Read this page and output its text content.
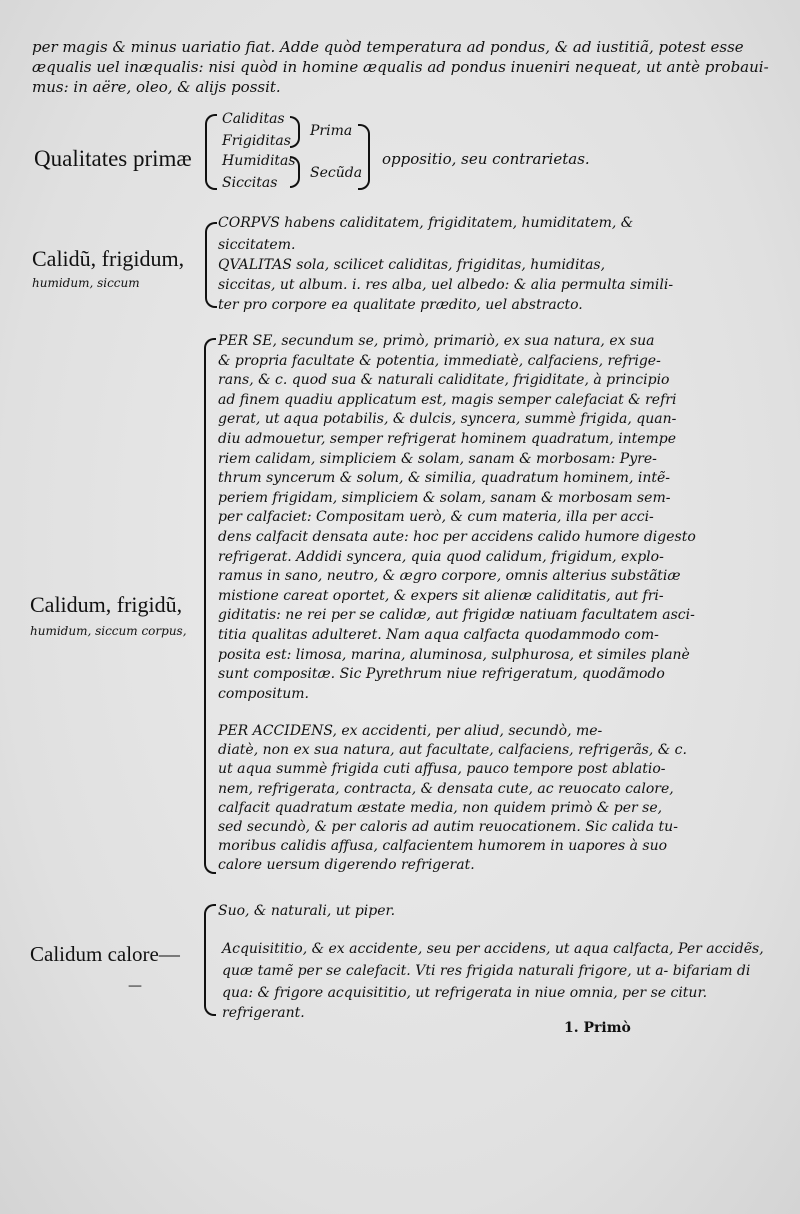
per magis & minus uariatio fiat. Adde quòd temperatura ad pondus, & ad iustitiã, potest esse
æqualis uel inæqualis: nisi quòd in homine æqualis ad pondus inueniri nequeat, ut antè probaui-
mus: in aëre, oleo, & alijs possit.
Qualitates primæ
Caliditas
Frigiditas
Humiditas
Siccitas
Prima
Secũda
oppositio, seu contrarietas.
Calidũ, frigidum,
humidum, siccum
CORPVS habens caliditatem, frigiditatem, humiditatem, &
siccitatem.
QVALITAS sola, scilicet caliditas, frigiditas, humiditas,
siccitas, ut album. i. res alba, uel albedo: & alia permulta simili-
ter pro corpore ea qualitate prædito, uel abstracto.
Calidum, frigidũ,
humidum, siccum corpus,
PER SE, secundum se, primò, primariò, ex sua natura, ex sua
& propria facultate & potentia, immediatè, calfaciens, refrige-
rans, & c. quod sua & naturali caliditate, frigiditate, à principio
ad finem quadiu applicatum est, magis semper calefaciat & refri
gerat, ut aqua potabilis, & dulcis, syncera, summè frigida, quan-
diu admouetur, semper refrigerat hominem quadratum, intempe
riem calidam, simpliciem & solam, sanam & morbosam: Pyre-
thrum syncerum & solum, & similia, quadratum hominem, intẽ-
periem frigidam, simpliciem & solam, sanam & morbosam sem-
per calfaciet: Compositam uerò, & cum materia, illa per acci-
dens calfacit densata aute: hoc per accidens calido humore digesto
refrigerat. Addidi syncera, quia quod calidum, frigidum, explo-
ramus in sano, neutro, & ægro corpore, omnis alterius substãtiæ
mistione careat oportet, & expers sit alienæ caliditatis, aut fri-
giditatis: ne rei per se calidæ, aut frigidæ natiuam facultatem asci-
titia qualitas adulteret. Nam aqua calfacta quodammodo com-
posita est: limosa, marina, aluminosa, sulphurosa, et similes planè
sunt compositæ. Sic Pyrethrum niue refrigeratum, quodãmodo
compositum.
PER ACCIDENS, ex accidenti, per aliud, secundò, me-
diatè, non ex sua natura, aut facultate, calfaciens, refrigerãs, & c.
ut aqua summè frigida cuti affusa, pauco tempore post ablatio-
nem, refrigerata, contracta, & densata cute, ac reuocato calore,
calfacit quadratum æstate media, non quidem primò & per se,
sed secundò, & per caloris ad autim reuocationem. Sic calida tu-
moribus calidis affusa, calfacientem humorem in uapores à suo
calore uersum digerendo refrigerat.
Calidum calore—
—
Suo, & naturali, ut piper.
Acquisititio, & ex accidente, seu per accidens, ut aqua calfacta, Per accidẽs,
quæ tamẽ per se calefacit. Vti res frigida naturali frigore, ut a- bifariam di
qua: & frigore acquisititio, ut refrigerata in niue omnia, per se citur.
refrigerant.
1. Primò
